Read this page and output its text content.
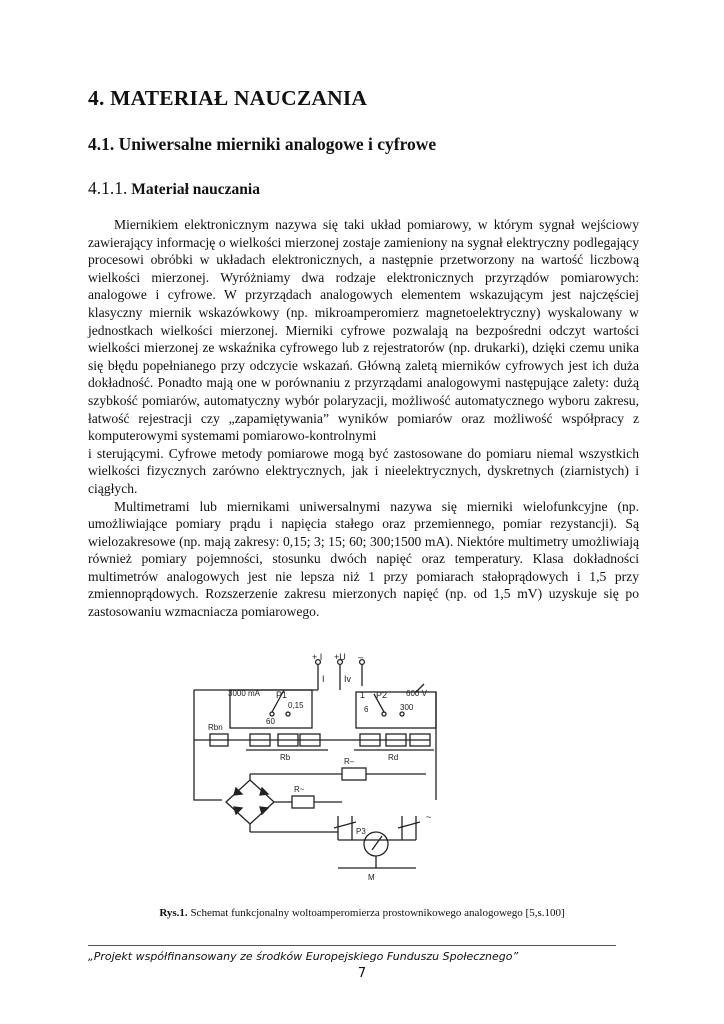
4. MATERIAŁ NAUCZANIA
4.1. Uniwersalne mierniki analogowe i cyfrowe
4.1.1. Materiał nauczania

Miernikiem elektronicznym nazywa się taki układ pomiarowy, w którym sygnał wejściowy zawierający informację o wielkości mierzonej zostaje zamieniony na sygnał elektryczny podlegający procesowi obróbki w układach elektronicznych, a następnie przetworzony na wartość liczbową wielkości mierzonej. Wyróżniamy dwa rodzaje elektronicznych przyrządów pomiarowych: analogowe i cyfrowe. W przyrządach analogowych elementem wskazującym jest najczęściej klasyczny miernik wskazówkowy (np. mikroamperomierz magnetoelektryczny) wyskalowany w jednostkach wielkości mierzonej. Mierniki cyfrowe pozwalają na bezpośredni odczyt wartości wielkości mierzonej ze wskaźnika cyfrowego lub z rejestratorów (np. drukarki), dzięki czemu unika się błędu popełnianego przy odczycie wskazań. Główną zaletą mierników cyfrowych jest ich duża dokładność. Ponadto mają one w porównaniu z przyrządami analogowymi następujące zalety: dużą szybkość pomiarów, automatyczny wybór polaryzacji, możliwość automatycznego wyboru zakresu, łatwość rejestracji czy „zapamiętywania” wyników pomiarów oraz możliwość współpracy z komputerowymi systemami pomiarowo-kontrolnymi

i sterującymi. Cyfrowe metody pomiarowe mogą być zastosowane do pomiaru niemal wszystkich wielkości fizycznych zarówno elektrycznych, jak i nieelektrycznych, dyskretnych (ziarnistych) i ciągłych.

Multimetrami lub miernikami uniwersalnymi nazywa się mierniki wielofunkcyjne (np. umożliwiające pomiary prądu i napięcia stałego oraz przemiennego, pomiar rezystancji). Są wielozakresowe (np. mają zakresy: 0,15; 3; 15; 60; 300;1500 mA). Niektóre multimetry umożliwiają również pomiary pojemności, stosunku dwóch napięć oraz temperatury. Klasa dokładności multimetrów analogowych jest nie lepsza niż 1 przy pomiarach stałoprądowych i 1,5 przy zmiennoprądowych. Rozszerzenie zakresu mierzonych napięć (np. od 1,5 mV) uzyskuje się po zastosowaniu wzmacniacza pomiarowego.

+ I +U –
I Iv
3000 mA P1	1 P2 600 V
60
0,15	6	300
Rbn
Rb	Rd
R~
R–
P3
M
~
Rys.1. Schemat funkcjonalny woltoamperomierza prostownikowego analogowego [5,s.100]
„Projekt współfinansowany ze środków Europejskiego Funduszu Społecznego”
7
